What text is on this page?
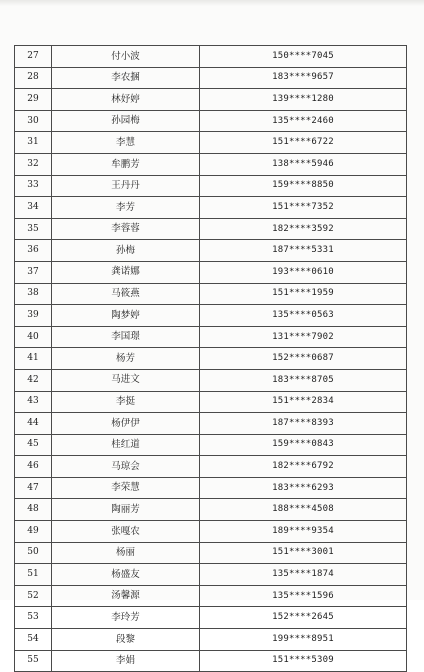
27	付小波	150****7045
28	李农捆	183****9657
29	林妤婷	139****1280
30	孙园梅	135****2460
31	李慧	151****6722
32	牟鹏芳	138****5946
33	王丹丹	159****8850
34	李芳	151****7352
35	李蓉蓉	182****3592
36	孙梅	187****5331
37	龚诺娜	193****0610
38	马筱燕	151****1959
39	陶梦婷	135****0563
40	李国璟	131****7902
41	杨芳	152****0687
42	马进文	183****8705
43	李挺	151****2834
44	杨伊伊	187****8393
45	桂红道	159****0843
46	马琼会	182****6792
47	李荣慧	183****6293
48	陶丽芳	188****4508
49	张嘎农	189****9354
50	杨丽	151****3001
51	杨盛友	135****1874
52	汤馨源	135****1596
53	李玲芳	152****2645
54	段黎	199****8951
55	李娟	151****5309
